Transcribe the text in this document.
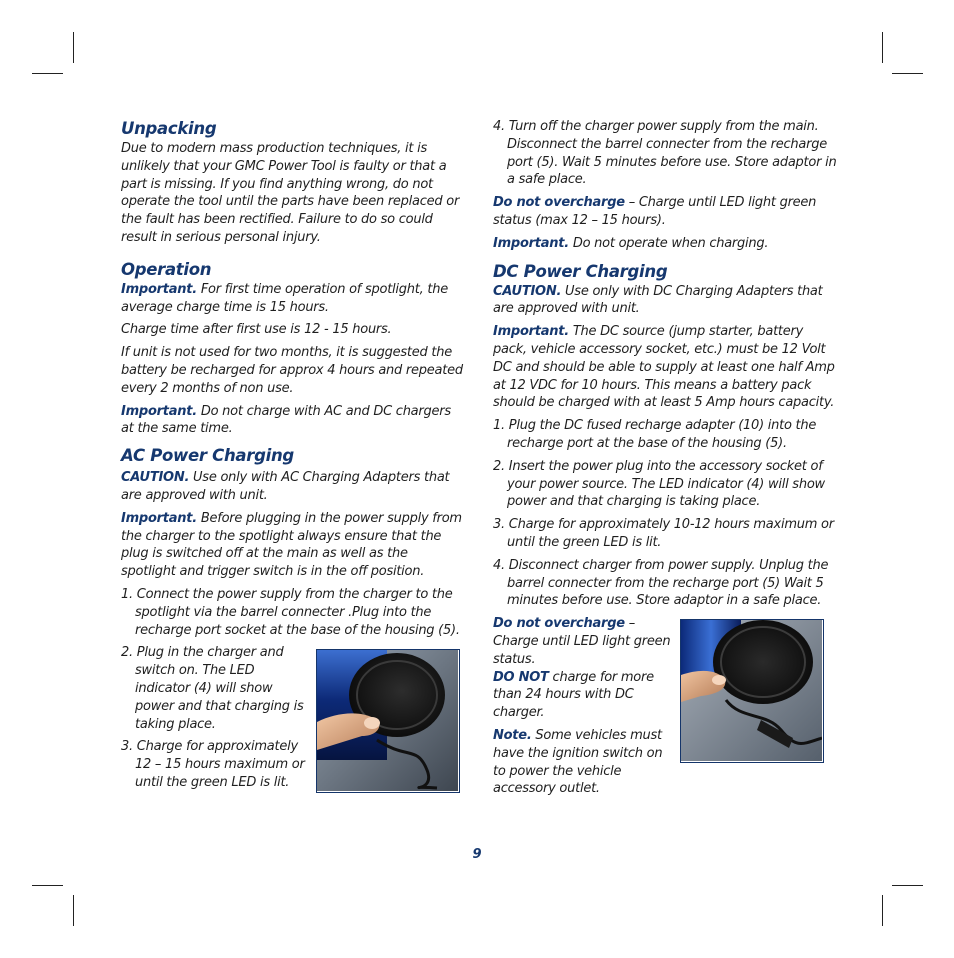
Unpacking

Due to modern mass production techniques, it is unlikely that your GMC Power Tool is faulty or that a part is missing. If you find anything wrong, do not operate the tool until the parts have been replaced or the fault has been rectified. Failure to do so could result in serious personal injury.

Operation

Important. For first time operation of spotlight, the average charge time is 15 hours.

Charge time after first use is 12 - 15 hours.

If unit is not used for two months, it is suggested the battery be recharged for approx 4 hours and repeated every 2 months of non use.

Important. Do not charge with AC and DC chargers at the same time.

AC Power Charging

CAUTION. Use only with AC Charging Adapters that are approved with unit.

Important. Before plugging in the power supply from the charger to the spotlight always ensure that the plug is switched off at the main as well as the spotlight and trigger switch is in the off position.

1. Connect the power supply from the charger to the spotlight via the barrel connecter .Plug into the recharge port socket at the base of the housing (5).
2. Plug in the charger and switch on. The LED indicator (4) will show power and that charging is taking place.
3. Charge for approximately 12 – 15 hours maximum or until the green LED is lit.
4. Turn off the charger power supply from the main. Disconnect the barrel connecter from the recharge port (5). Wait 5 minutes before use. Store adaptor in a safe place.

Do not overcharge – Charge until LED light green status (max 12 – 15 hours).

Important. Do not operate when charging.

DC Power Charging

CAUTION. Use only with DC Charging Adapters that are approved with unit.

Important. The DC source (jump starter, battery pack, vehicle accessory socket, etc.) must be 12 Volt DC and should be able to supply at least one half Amp at 12 VDC for 10 hours. This means a battery pack should be charged with at least 5 Amp hours capacity.

1. Plug the DC fused recharge adapter (10) into the recharge port at the base of the housing (5).
2. Insert the power plug into the accessory socket of your power source. The LED indicator (4) will show power and that charging is taking place.
3. Charge for approximately 10-12 hours maximum or until the green LED is lit.
4. Disconnect charger from power supply. Unplug the barrel connecter from the recharge port (5) Wait 5 minutes before use. Store adaptor in a safe place.

Do not overcharge – Charge until LED light green status.
DO NOT charge for more than 24 hours with DC charger.

Note. Some vehicles must have the ignition switch on to power the vehicle accessory outlet.

9
